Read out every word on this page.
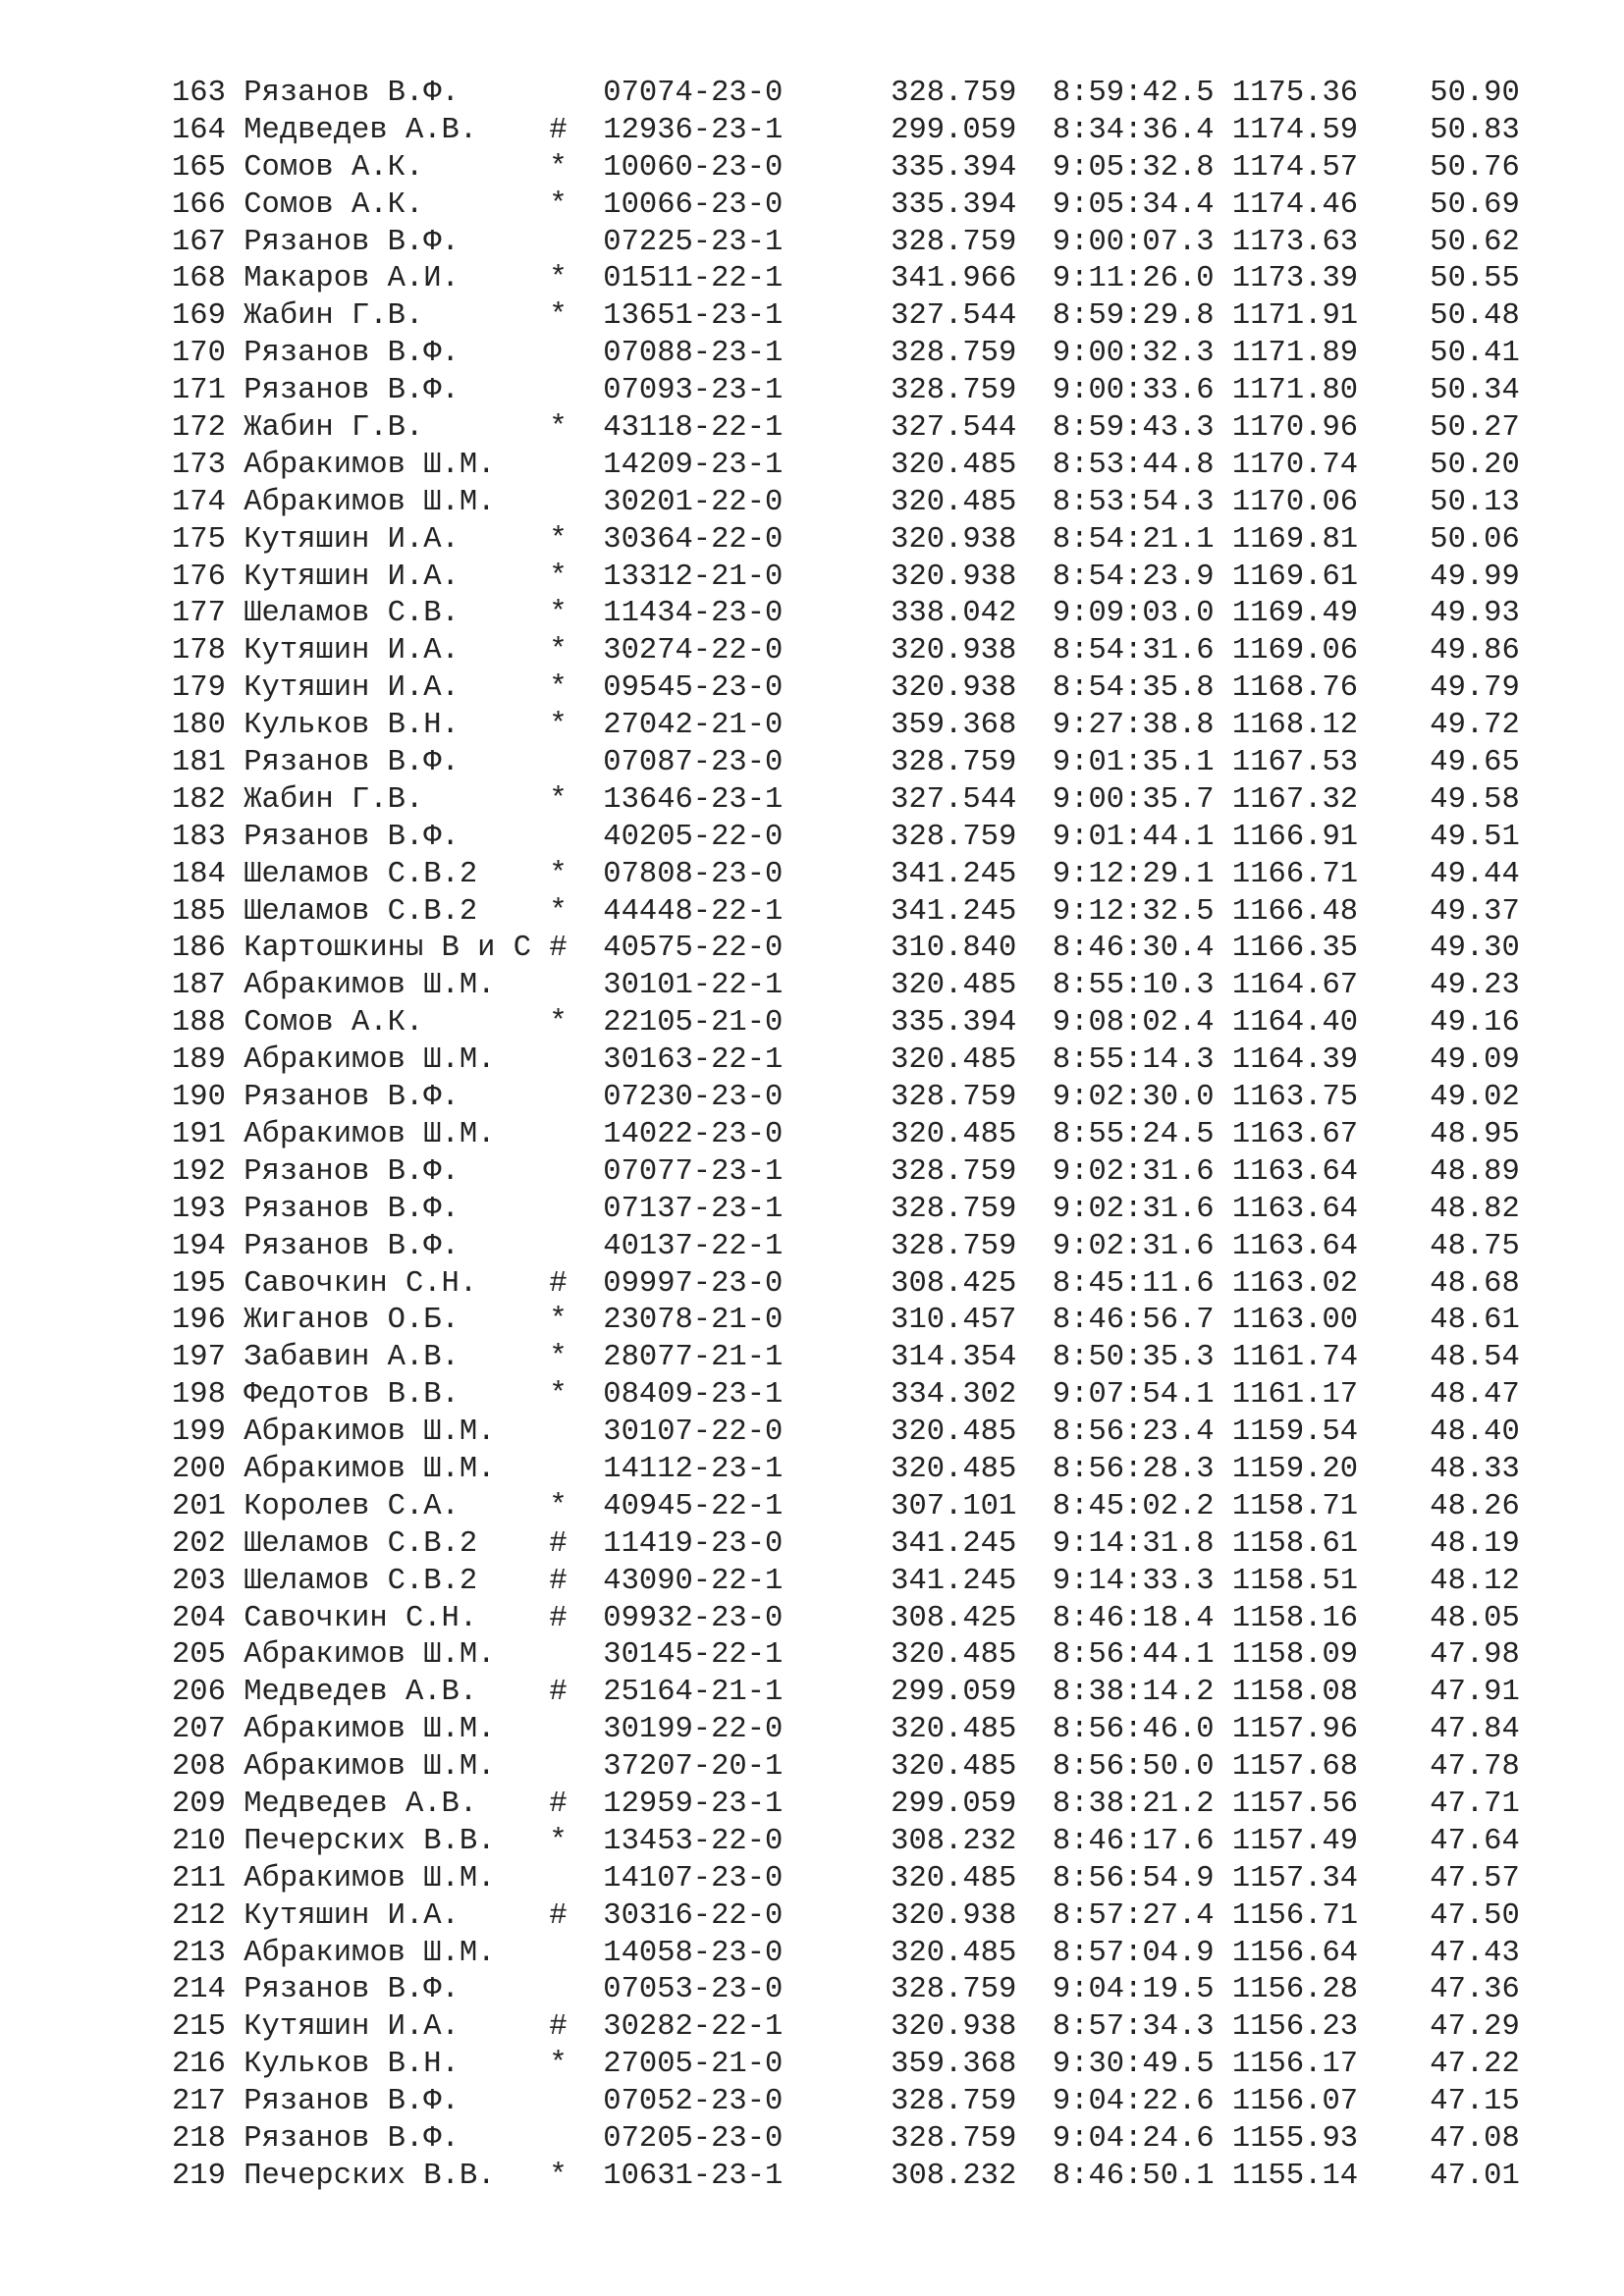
163 Рязанов В.Ф.        07074-23-0      328.759  8:59:42.5 1175.36    50.90
164 Медведев А.В.    #  12936-23-1      299.059  8:34:36.4 1174.59    50.83
165 Сомов А.К.       *  10060-23-0      335.394  9:05:32.8 1174.57    50.76
166 Сомов А.К.       *  10066-23-0      335.394  9:05:34.4 1174.46    50.69
167 Рязанов В.Ф.        07225-23-1      328.759  9:00:07.3 1173.63    50.62
168 Макаров А.И.     *  01511-22-1      341.966  9:11:26.0 1173.39    50.55
169 Жабин Г.В.       *  13651-23-1      327.544  8:59:29.8 1171.91    50.48
170 Рязанов В.Ф.        07088-23-1      328.759  9:00:32.3 1171.89    50.41
171 Рязанов В.Ф.        07093-23-1      328.759  9:00:33.6 1171.80    50.34
172 Жабин Г.В.       *  43118-22-1      327.544  8:59:43.3 1170.96    50.27
173 Абракимов Ш.М.      14209-23-1      320.485  8:53:44.8 1170.74    50.20
174 Абракимов Ш.М.      30201-22-0      320.485  8:53:54.3 1170.06    50.13
175 Кутяшин И.А.     *  30364-22-0      320.938  8:54:21.1 1169.81    50.06
176 Кутяшин И.А.     *  13312-21-0      320.938  8:54:23.9 1169.61    49.99
177 Шеламов С.В.     *  11434-23-0      338.042  9:09:03.0 1169.49    49.93
178 Кутяшин И.А.     *  30274-22-0      320.938  8:54:31.6 1169.06    49.86
179 Кутяшин И.А.     *  09545-23-0      320.938  8:54:35.8 1168.76    49.79
180 Кульков В.Н.     *  27042-21-0      359.368  9:27:38.8 1168.12    49.72
181 Рязанов В.Ф.        07087-23-0      328.759  9:01:35.1 1167.53    49.65
182 Жабин Г.В.       *  13646-23-1      327.544  9:00:35.7 1167.32    49.58
183 Рязанов В.Ф.        40205-22-0      328.759  9:01:44.1 1166.91    49.51
184 Шеламов С.В.2    *  07808-23-0      341.245  9:12:29.1 1166.71    49.44
185 Шеламов С.В.2    *  44448-22-1      341.245  9:12:32.5 1166.48    49.37
186 Картошкины В и С #  40575-22-0      310.840  8:46:30.4 1166.35    49.30
187 Абракимов Ш.М.      30101-22-1      320.485  8:55:10.3 1164.67    49.23
188 Сомов А.К.       *  22105-21-0      335.394  9:08:02.4 1164.40    49.16
189 Абракимов Ш.М.      30163-22-1      320.485  8:55:14.3 1164.39    49.09
190 Рязанов В.Ф.        07230-23-0      328.759  9:02:30.0 1163.75    49.02
191 Абракимов Ш.М.      14022-23-0      320.485  8:55:24.5 1163.67    48.95
192 Рязанов В.Ф.        07077-23-1      328.759  9:02:31.6 1163.64    48.89
193 Рязанов В.Ф.        07137-23-1      328.759  9:02:31.6 1163.64    48.82
194 Рязанов В.Ф.        40137-22-1      328.759  9:02:31.6 1163.64    48.75
195 Савочкин С.Н.    #  09997-23-0      308.425  8:45:11.6 1163.02    48.68
196 Жиганов О.Б.     *  23078-21-0      310.457  8:46:56.7 1163.00    48.61
197 Забавин А.В.     *  28077-21-1      314.354  8:50:35.3 1161.74    48.54
198 Федотов В.В.     *  08409-23-1      334.302  9:07:54.1 1161.17    48.47
199 Абракимов Ш.М.      30107-22-0      320.485  8:56:23.4 1159.54    48.40
200 Абракимов Ш.М.      14112-23-1      320.485  8:56:28.3 1159.20    48.33
201 Королев С.А.     *  40945-22-1      307.101  8:45:02.2 1158.71    48.26
202 Шеламов С.В.2    #  11419-23-0      341.245  9:14:31.8 1158.61    48.19
203 Шеламов С.В.2    #  43090-22-1      341.245  9:14:33.3 1158.51    48.12
204 Савочкин С.Н.    #  09932-23-0      308.425  8:46:18.4 1158.16    48.05
205 Абракимов Ш.М.      30145-22-1      320.485  8:56:44.1 1158.09    47.98
206 Медведев А.В.    #  25164-21-1      299.059  8:38:14.2 1158.08    47.91
207 Абракимов Ш.М.      30199-22-0      320.485  8:56:46.0 1157.96    47.84
208 Абракимов Ш.М.      37207-20-1      320.485  8:56:50.0 1157.68    47.78
209 Медведев А.В.    #  12959-23-1      299.059  8:38:21.2 1157.56    47.71
210 Печерских В.В.   *  13453-22-0      308.232  8:46:17.6 1157.49    47.64
211 Абракимов Ш.М.      14107-23-0      320.485  8:56:54.9 1157.34    47.57
212 Кутяшин И.А.     #  30316-22-0      320.938  8:57:27.4 1156.71    47.50
213 Абракимов Ш.М.      14058-23-0      320.485  8:57:04.9 1156.64    47.43
214 Рязанов В.Ф.        07053-23-0      328.759  9:04:19.5 1156.28    47.36
215 Кутяшин И.А.     #  30282-22-1      320.938  8:57:34.3 1156.23    47.29
216 Кульков В.Н.     *  27005-21-0      359.368  9:30:49.5 1156.17    47.22
217 Рязанов В.Ф.        07052-23-0      328.759  9:04:22.6 1156.07    47.15
218 Рязанов В.Ф.        07205-23-0      328.759  9:04:24.6 1155.93    47.08
219 Печерских В.В.   *  10631-23-1      308.232  8:46:50.1 1155.14    47.01
